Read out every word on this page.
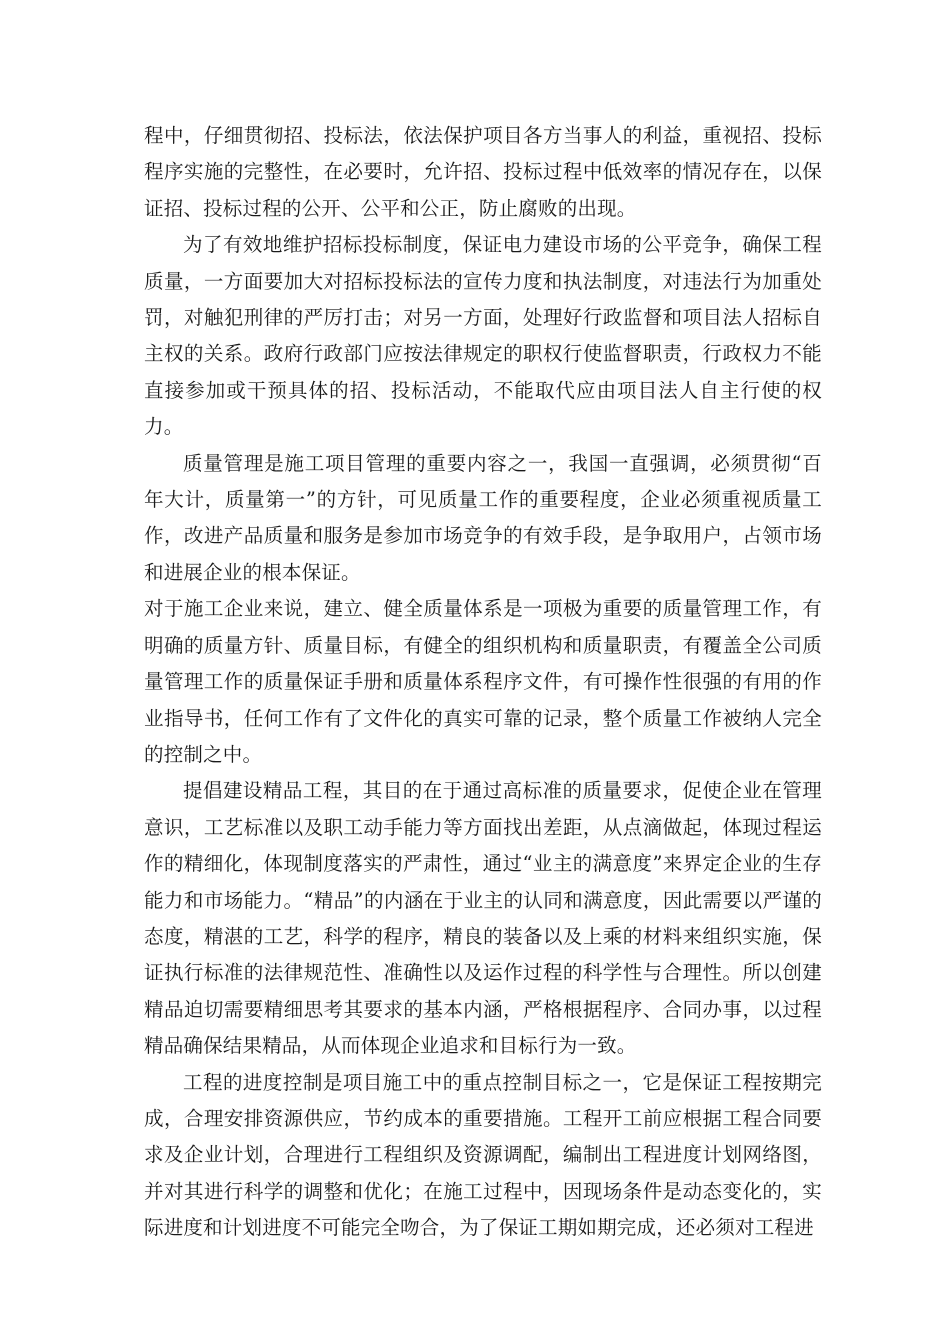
程中，仔细贯彻招、投标法，依法保护项目各方当事人的利益，重视招、投标程序实施的完整性，在必要时，允许招、投标过程中低效率的情况存在，以保证招、投标过程的公开、公平和公正，防止腐败的出现。

为了有效地维护招标投标制度，保证电力建设市场的公平竞争，确保工程质量，一方面要加大对招标投标法的宣传力度和执法制度，对违法行为加重处罚，对触犯刑律的严厉打击；对另一方面，处理好行政监督和项目法人招标自主权的关系。政府行政部门应按法律规定的职权行使监督职责，行政权力不能直接参加或干预具体的招、投标活动，不能取代应由项目法人自主行使的权力。

质量管理是施工项目管理的重要内容之一，我国一直强调，必须贯彻“百年大计，质量第一”的方针，可见质量工作的重要程度，企业必须重视质量工作，改进产品质量和服务是参加市场竞争的有效手段，是争取用户，占领市场和进展企业的根本保证。

对于施工企业来说，建立、健全质量体系是一项极为重要的质量管理工作，有明确的质量方针、质量目标，有健全的组织机构和质量职责，有覆盖全公司质量管理工作的质量保证手册和质量体系程序文件，有可操作性很强的有用的作业指导书，任何工作有了文件化的真实可靠的记录，整个质量工作被纳人完全的控制之中。

提倡建设精品工程，其目的在于通过高标准的质量要求，促使企业在管理意识，工艺标准以及职工动手能力等方面找出差距，从点滴做起，体现过程运作的精细化，体现制度落实的严肃性，通过“业主的满意度”来界定企业的生存能力和市场能力。“精品”的内涵在于业主的认同和满意度，因此需要以严谨的态度，精湛的工艺，科学的程序，精良的装备以及上乘的材料来组织实施，保证执行标准的法律规范性、准确性以及运作过程的科学性与合理性。所以创建精品迫切需要精细思考其要求的基本内涵，严格根据程序、合同办事，以过程精品确保结果精品，从而体现企业追求和目标行为一致。

工程的进度控制是项目施工中的重点控制目标之一，它是保证工程按期完成，合理安排资源供应，节约成本的重要措施。工程开工前应根据工程合同要求及企业计划，合理进行工程组织及资源调配，编制出工程进度计划网络图，并对其进行科学的调整和优化；在施工过程中，因现场条件是动态变化的，实际进度和计划进度不可能完全吻合，为了保证工期如期完成，还必须对工程进
